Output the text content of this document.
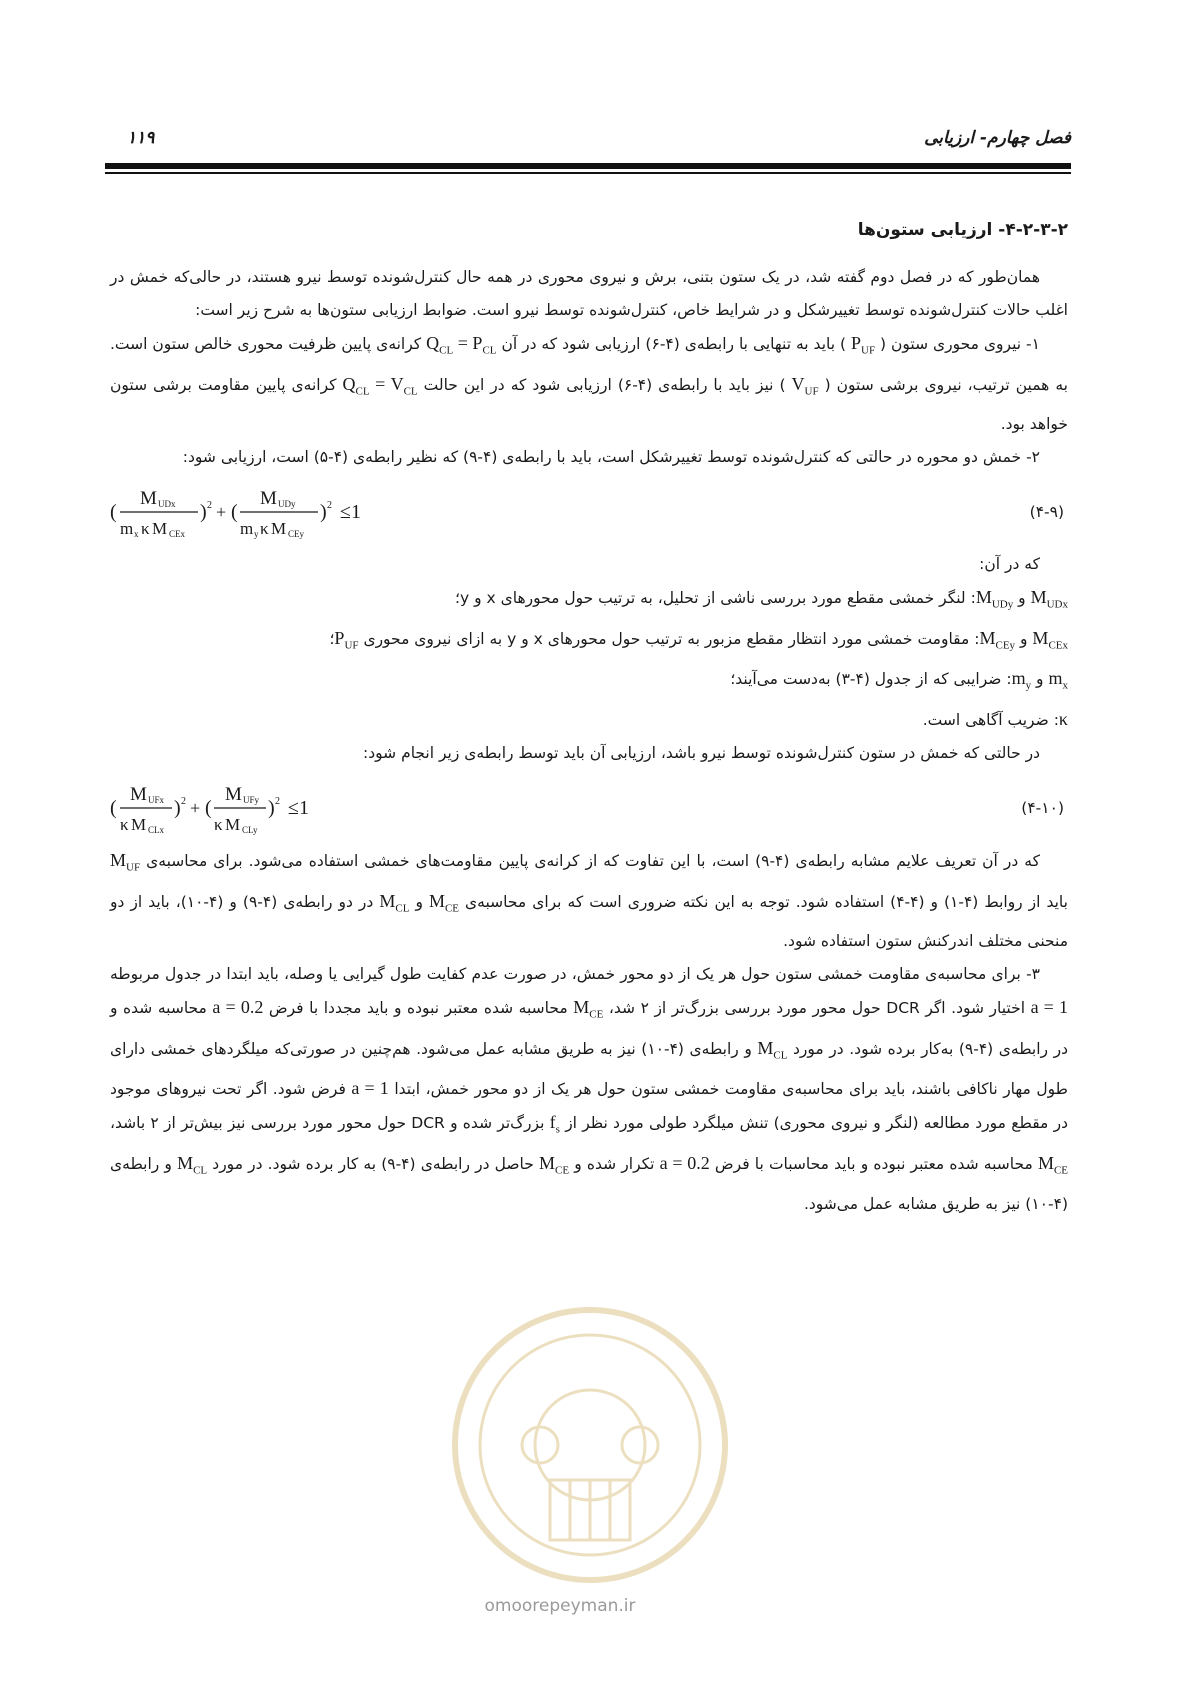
فصل چهارم- ارزیابی
۱۱۹

۴-۲-۳-۲- ارزیابی ستون‌ها

همان‌طور که در فصل دوم گفته شد، در یک ستون بتنی، برش و نیروی محوری در همه حال کنترل‌شونده توسط نیرو هستند، در حالی‌که خمش در اغلب حالات کنترل‌شونده توسط تغییرشکل و در شرایط خاص، کنترل‌شونده توسط نیرو است. ضوابط ارزیابی ستون‌ها به شرح زیر است:

۱- نیروی محوری ستون ( $P_{UF}$ ) باید به تنهایی با رابطه‌ی (۴-۶) ارزیابی شود که در آن $Q_{CL} = P_{CL}$ کرانه‌ی پایین ظرفیت محوری خالص ستون است. به همین ترتیب، نیروی برشی ستون ( $V_{UF}$ ) نیز باید با رابطه‌ی (۴-۶) ارزیابی شود که در این حالت $Q_{CL} = V_{CL}$ کرانه‌ی پایین مقاومت برشی ستون خواهد بود.

۲- خمش دو محوره در حالتی که کنترل‌شونده توسط تغییرشکل است، باید با رابطه‌ی (۴-۹) که نظیر رابطه‌ی (۴-۵) است، ارزیابی شود:

(
M UDx
m x κ M CEx
) 2 + (
M UDy
m y κ M CEy
) 2 ≤1	(۴-۹)

که در آن:

$M_{UDx}$ و $M_{UDy}$: لنگر خمشی مقطع مورد بررسی ناشی از تحلیل، به ترتیب حول محورهای x و y؛

$M_{CEx}$ و $M_{CEy}$: مقاومت خمشی مورد انتظار مقطع مزبور به ترتیب حول محورهای x و y به ازای نیروی محوری $P_{UF}؛$

$m_x$ و $m_y$: ضرایبی که از جدول (۴-۳) به‌دست می‌آیند؛

κ: ضریب آگاهی است.

در حالتی که خمش در ستون کنترل‌شونده توسط نیرو باشد، ارزیابی آن باید توسط رابطه‌ی زیر انجام شود:

(
M UFx
κ M CLx
) 2 + (
M UFy
κ M CLy
) 2 ≤1	(۴-۱۰)

که در آن تعریف علایم مشابه رابطه‌ی (۴-۹) است، با این تفاوت که از کرانه‌ی پایین مقاومت‌های خمشی استفاده می‌شود. برای محاسبه‌ی $M_{UF}$ باید از روابط (۴-۱) و (۴-۴) استفاده شود. توجه به این نکته ضروری است که برای محاسبه‌ی $M_{CE}$ و $M_{CL}$ در دو رابطه‌ی (۴-۹) و (۴-۱۰)، باید از دو منحنی مختلف اندرکنش ستون استفاده شود.

۳- برای محاسبه‌ی مقاومت خمشی ستون حول هر یک از دو محور خمش، در صورت عدم کفایت طول گیرایی یا وصله، باید ابتدا در جدول مربوطه a = 1 اختیار شود. اگر DCR حول محور مورد بررسی بزرگ‌تر از ۲ شد، $M_{CE}$ محاسبه شده معتبر نبوده و باید مجددا با فرض a = 0.2 محاسبه شده و در رابطه‌ی (۴-۹) به‌کار برده شود. در مورد $M_{CL}$ و رابطه‌ی (۴-۱۰) نیز به طریق مشابه عمل می‌شود. هم‌چنین در صورتی‌که میلگردهای خمشی دارای طول مهار ناکافی باشند، باید برای محاسبه‌ی مقاومت خمشی ستون حول هر یک از دو محور خمش، ابتدا a = 1 فرض شود. اگر تحت نیروهای موجود در مقطع مورد مطالعه (لنگر و نیروی محوری) تنش میلگرد طولی مورد نظر از $f_s$ بزرگ‌تر شده و DCR حول محور مورد بررسی نیز بیش‌تر از ۲ باشد، $M_{CE}$ محاسبه شده معتبر نبوده و باید محاسبات با فرض a = 0.2 تکرار شده و $M_{CE}$ حاصل در رابطه‌ی (۴-۹) به کار برده شود. در مورد $M_{CL}$ و رابطه‌ی (۴-۱۰) نیز به طریق مشابه عمل می‌شود.

omoorepeyman.ir
